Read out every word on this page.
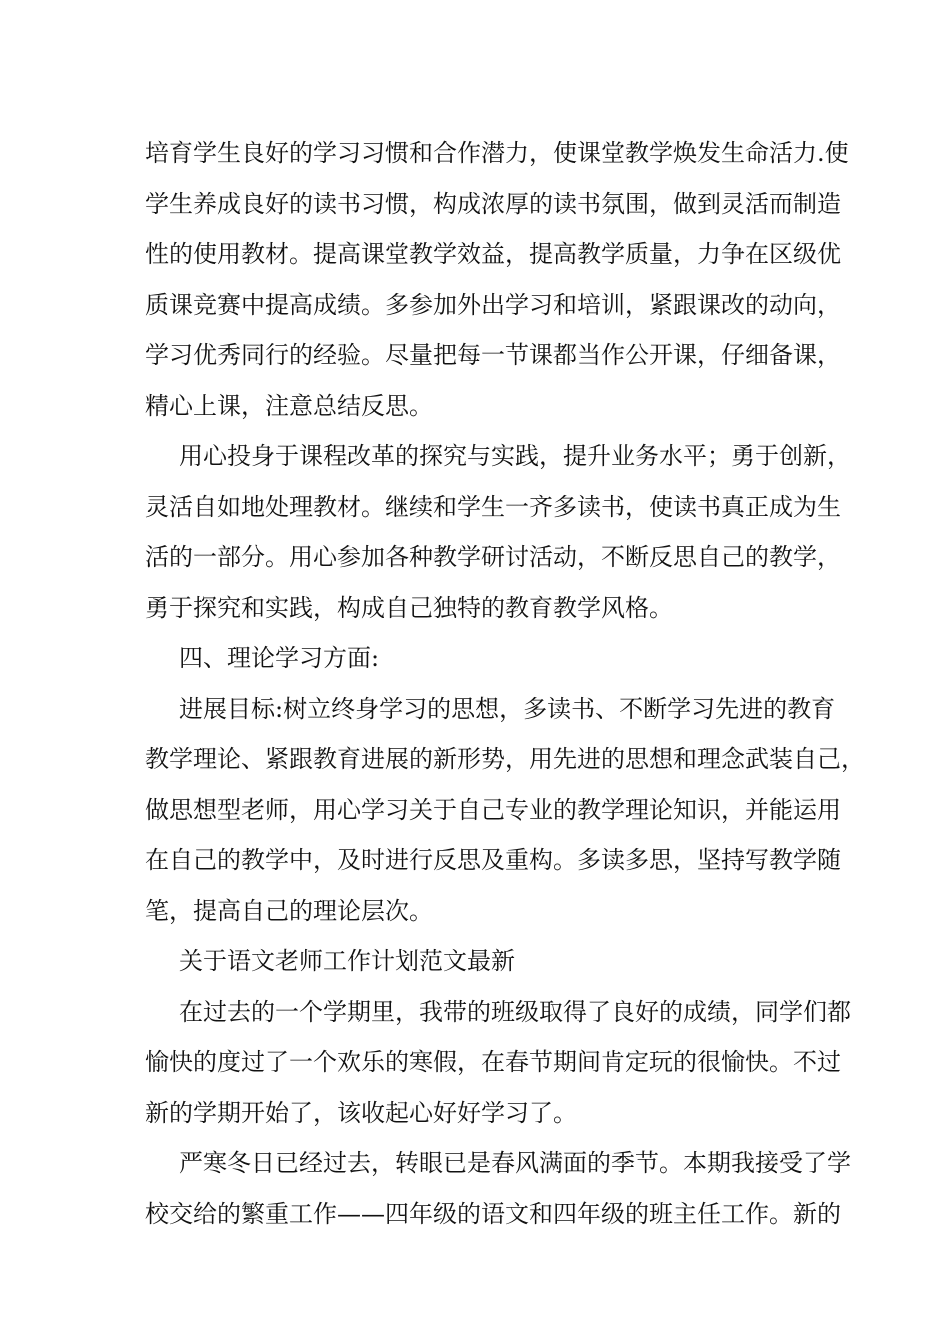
培育学生良好的学习习惯和合作潜力，使课堂教学焕发生命活力.使
学生养成良好的读书习惯，构成浓厚的读书氛围，做到灵活而制造
性的使用教材。提高课堂教学效益，提高教学质量，力争在区级优
质课竞赛中提高成绩。多参加外出学习和培训，紧跟课改的动向，
学习优秀同行的经验。尽量把每一节课都当作公开课，仔细备课，
精心上课，注意总结反思。
用心投身于课程改革的探究与实践，提升业务水平；勇于创新，
灵活自如地处理教材。继续和学生一齐多读书，使读书真正成为生
活的一部分。用心参加各种教学研讨活动，不断反思自己的教学，
勇于探究和实践，构成自己独特的教育教学风格。
四、理论学习方面:
进展目标:树立终身学习的思想，多读书、不断学习先进的教育
教学理论、紧跟教育进展的新形势，用先进的思想和理念武装自己，
做思想型老师，用心学习关于自己专业的教学理论知识，并能运用
在自己的教学中，及时进行反思及重构。多读多思，坚持写教学随
笔，提高自己的理论层次。
关于语文老师工作计划范文最新
在过去的一个学期里，我带的班级取得了良好的成绩，同学们都
愉快的度过了一个欢乐的寒假，在春节期间肯定玩的很愉快。不过
新的学期开始了，该收起心好好学习了。
严寒冬日已经过去，转眼已是春风满面的季节。本期我接受了学
校交给的繁重工作——四年级的语文和四年级的班主任工作。新的
